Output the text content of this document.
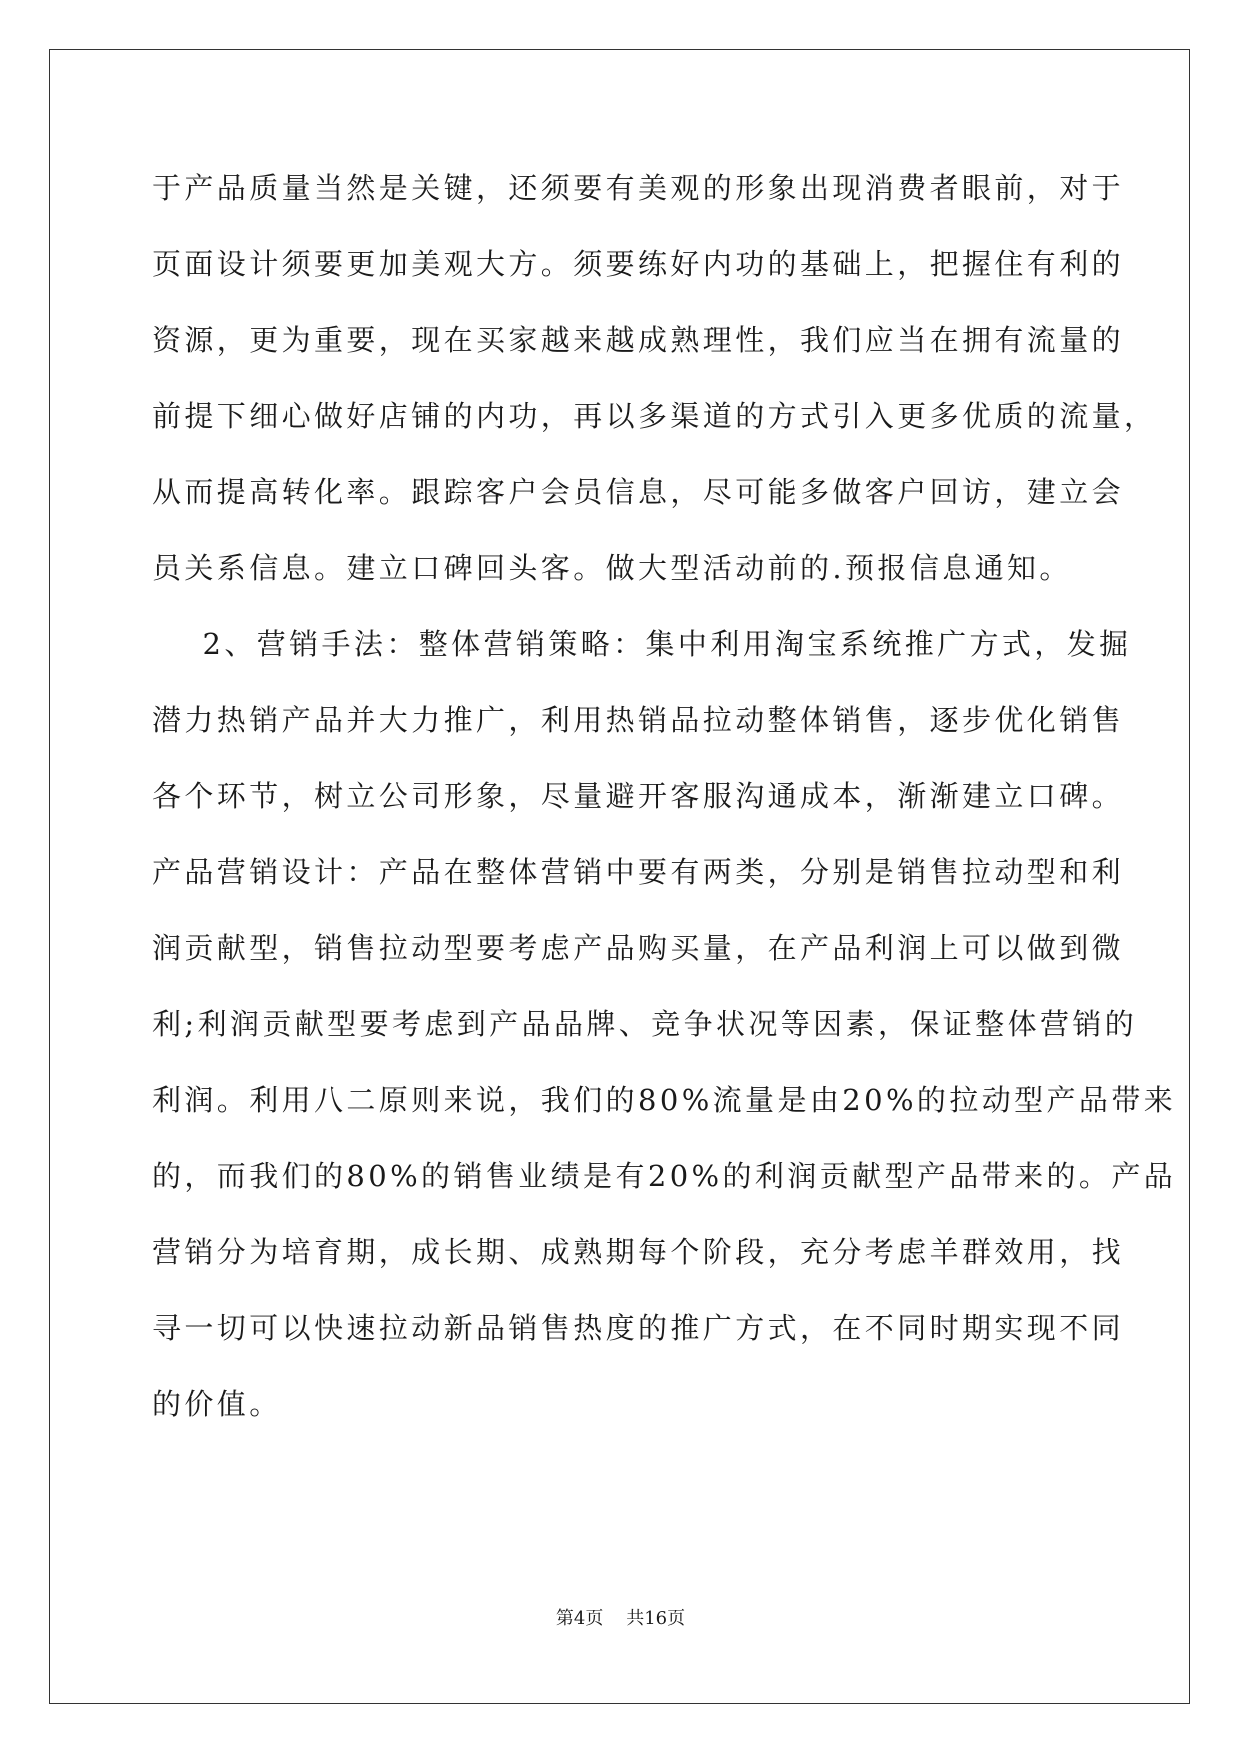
于产品质量当然是关键，还须要有美观的形象出现消费者眼前，对于
页面设计须要更加美观大方。须要练好内功的基础上，把握住有利的
资源，更为重要，现在买家越来越成熟理性，我们应当在拥有流量的
前提下细心做好店铺的内功，再以多渠道的方式引入更多优质的流量，
从而提高转化率。跟踪客户会员信息，尽可能多做客户回访，建立会
员关系信息。建立口碑回头客。做大型活动前的.预报信息通知。
2、营销手法：整体营销策略：集中利用淘宝系统推广方式，发掘
潜力热销产品并大力推广，利用热销品拉动整体销售，逐步优化销售
各个环节，树立公司形象，尽量避开客服沟通成本，渐渐建立口碑。
产品营销设计：产品在整体营销中要有两类，分别是销售拉动型和利
润贡献型，销售拉动型要考虑产品购买量，在产品利润上可以做到微
利;利润贡献型要考虑到产品品牌、竞争状况等因素，保证整体营销的
利润。利用八二原则来说，我们的80%流量是由20%的拉动型产品带来
的，而我们的80%的销售业绩是有20%的利润贡献型产品带来的。产品
营销分为培育期，成长期、成熟期每个阶段，充分考虑羊群效用，找
寻一切可以快速拉动新品销售热度的推广方式，在不同时期实现不同
的价值。
第4页    共16页
